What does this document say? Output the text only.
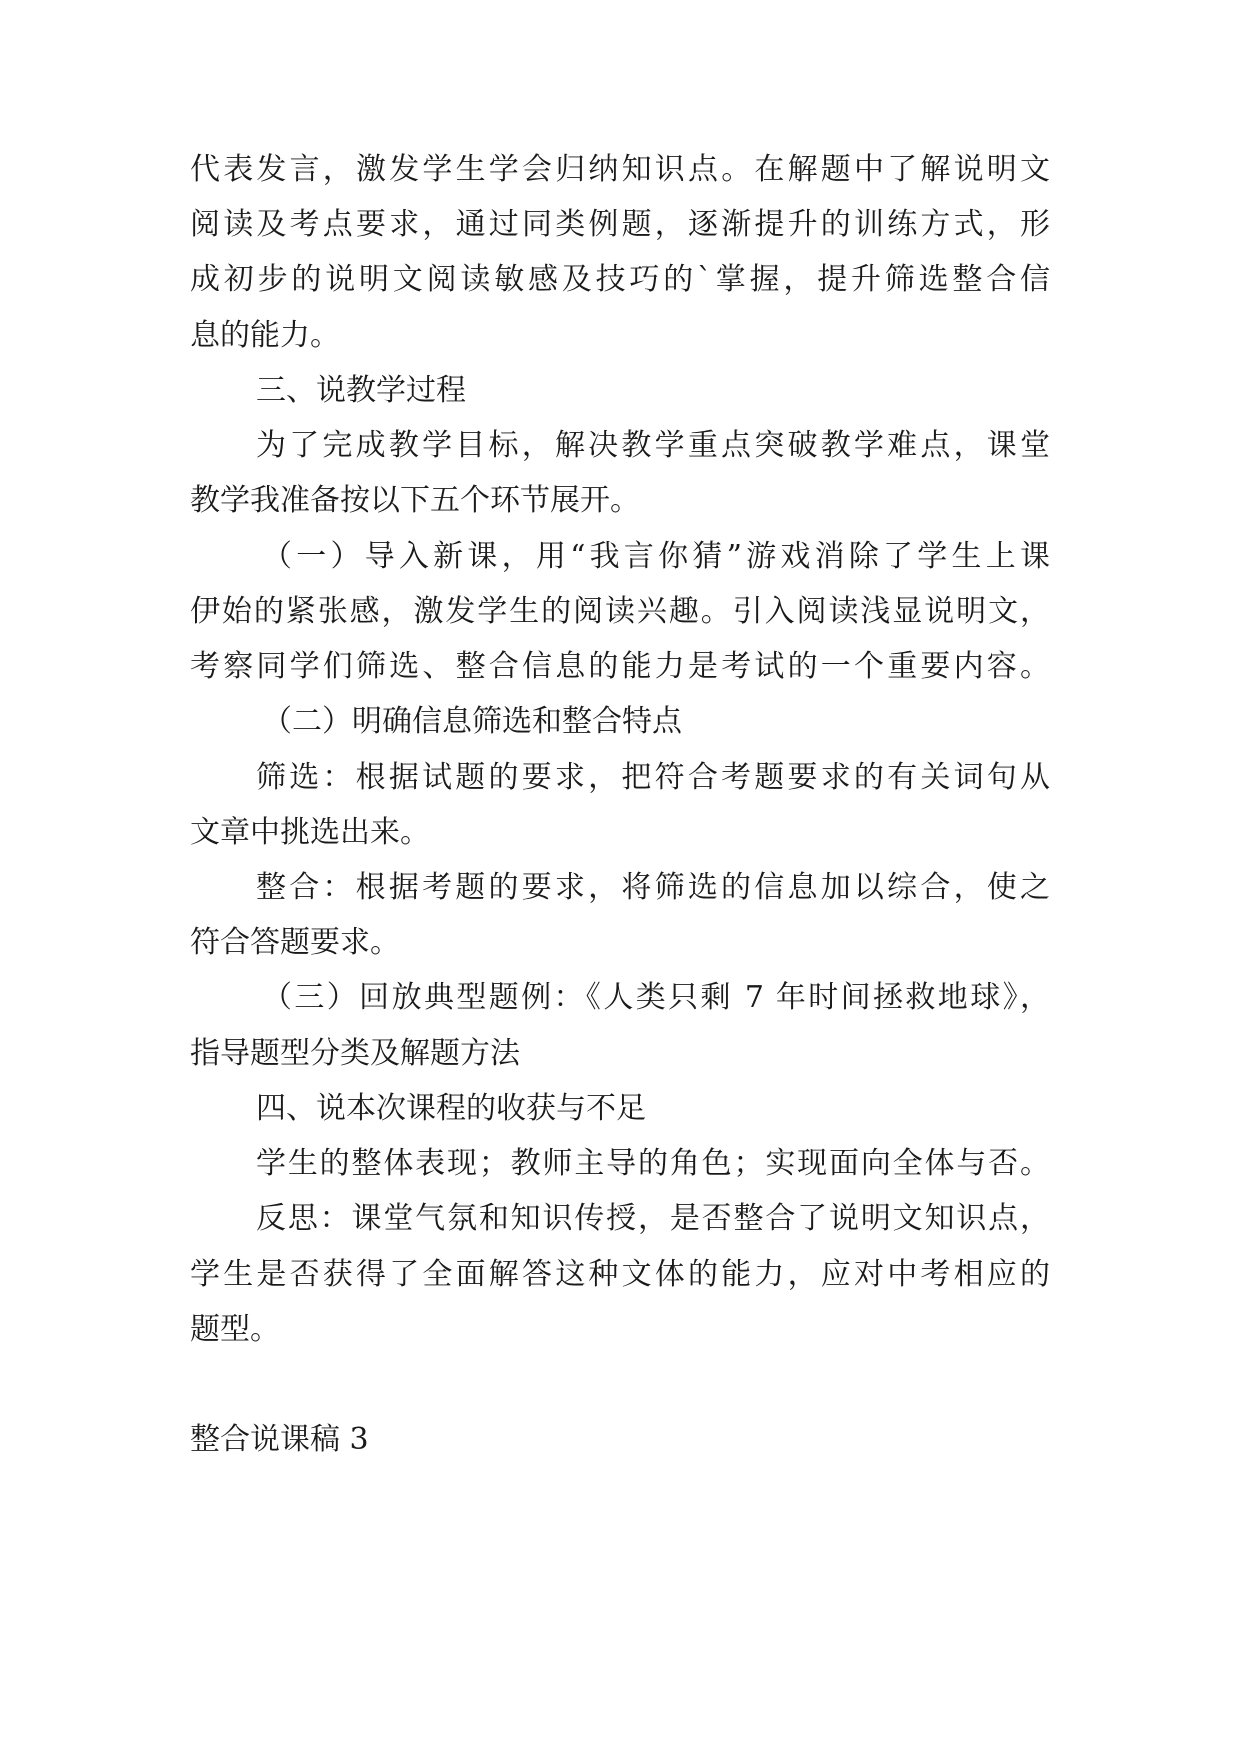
代表发言，激发学生学会归纳知识点。在解题中了解说明文

阅读及考点要求，通过同类例题，逐渐提升的训练方式，形

成初步的说明文阅读敏感及技巧的`掌握，提升筛选整合信

息的能力。

三、说教学过程

为了完成教学目标，解决教学重点突破教学难点，课堂

教学我准备按以下五个环节展开。

（一）导入新课，用“我言你猜”游戏消除了学生上课

伊始的紧张感，激发学生的阅读兴趣。引入阅读浅显说明文，

考察同学们筛选、整合信息的能力是考试的一个重要内容。

（二）明确信息筛选和整合特点

筛选：根据试题的要求，把符合考题要求的有关词句从

文章中挑选出来。

整合：根据考题的要求，将筛选的信息加以综合，使之

符合答题要求。

（三）回放典型题例：《人类只剩 7 年时间拯救地球》，

指导题型分类及解题方法

四、说本次课程的收获与不足

学生的整体表现；教师主导的角色；实现面向全体与否。

反思：课堂气氛和知识传授，是否整合了说明文知识点，

学生是否获得了全面解答这种文体的能力，应对中考相应的

题型。

整合说课稿 3
